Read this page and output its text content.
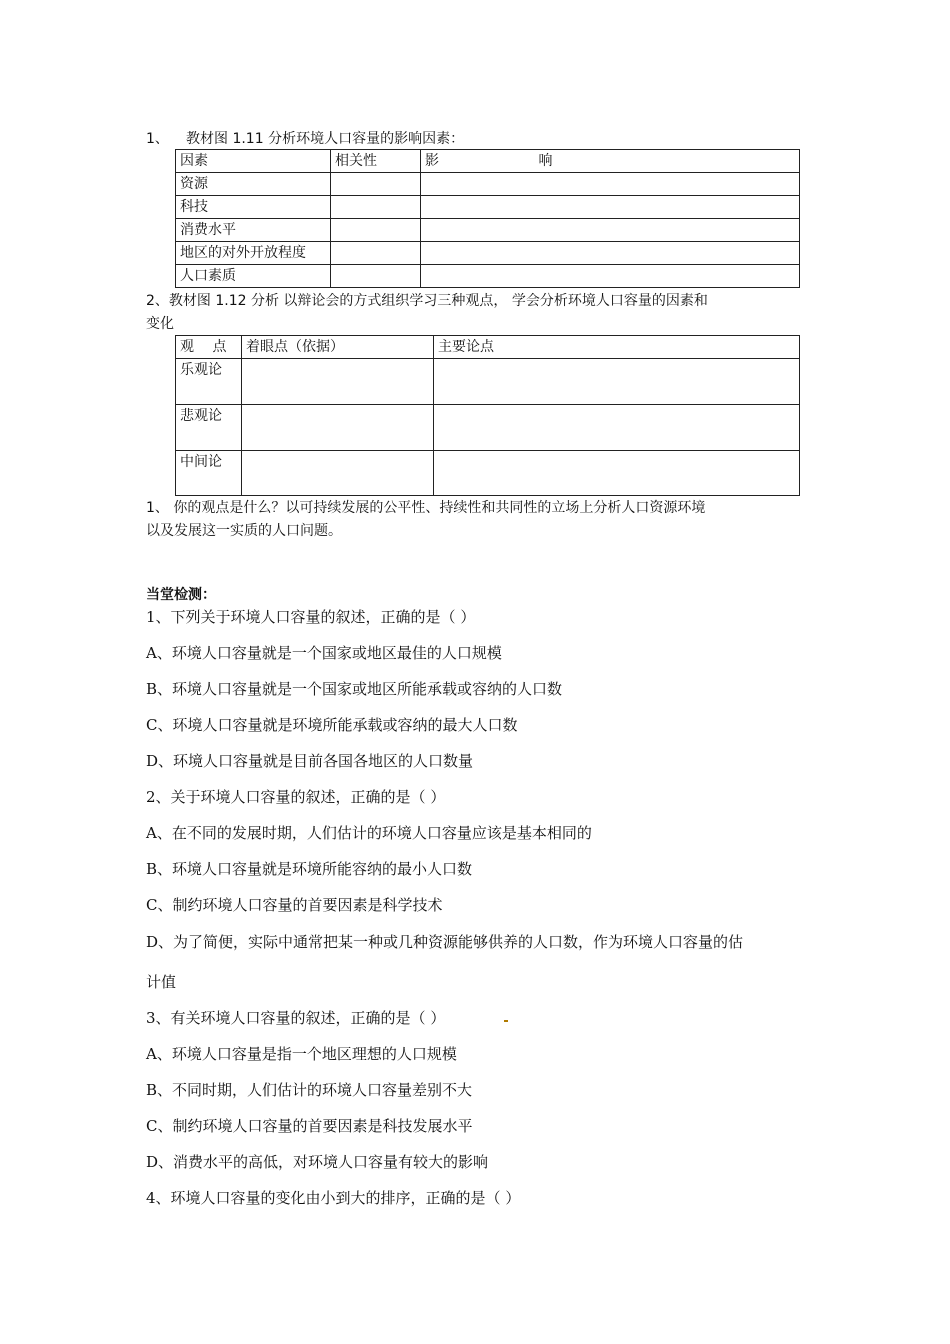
1、 教材图 1.11 分析环境人口容量的影响因素：
因素	相关性	影 响
资源		
科技		
消费水平		
地区的对外开放程度		
人口素质		
2、教材图 1.12 分析 以辩论会的方式组织学习三种观点， 学会分析环境人口容量的因素和
变化
观 点	着眼点（依据）	主要论点
乐观论		
悲观论		
中间论		
1、 你的观点是什么？以可持续发展的公平性、持续性和共同性的立场上分析人口资源环境
以及发展这一实质的人口问题。
当堂检测：
1、下列关于环境人口容量的叙述，正确的是（ ）
A、环境人口容量就是一个国家或地区最佳的人口规模
B、环境人口容量就是一个国家或地区所能承载或容纳的人口数
C、环境人口容量就是环境所能承载或容纳的最大人口数
D、环境人口容量就是目前各国各地区的人口数量
2、关于环境人口容量的叙述，正确的是（ ）
A、在不同的发展时期，人们估计的环境人口容量应该是基本相同的
B、环境人口容量就是环境所能容纳的最小人口数
C、制约环境人口容量的首要因素是科学技术
D、为了简便，实际中通常把某一种或几种资源能够供养的人口数，作为环境人口容量的估
计值
3、有关环境人口容量的叙述，正确的是（ ）
A、环境人口容量是指一个地区理想的人口规模
B、不同时期，人们估计的环境人口容量差别不大
C、制约环境人口容量的首要因素是科技发展水平
D、消费水平的高低，对环境人口容量有较大的影响
4、环境人口容量的变化由小到大的排序，正确的是（ ）
